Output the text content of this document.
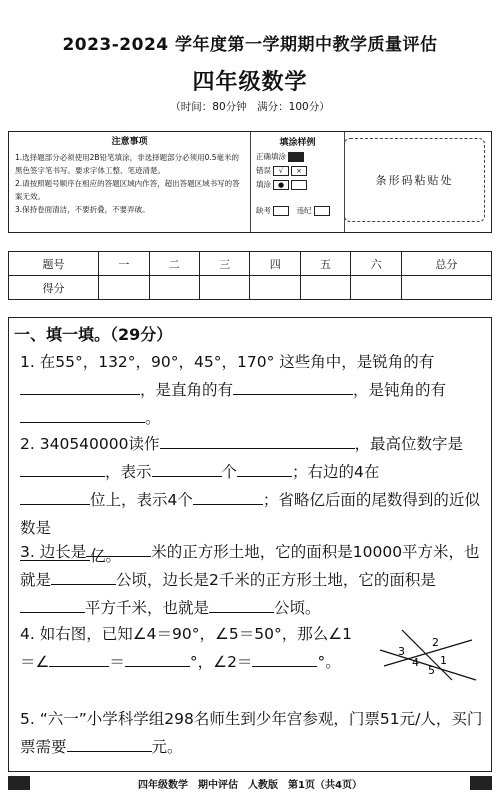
2023-2024 学年度第一学期期中教学质量评估
四年级数学
（时间：80分钟　满分：100分）
注意事项
1.选择题部分必须使用2B铅笔填涂，非选择题部分必须用0.5毫米的黑色签字笔书写。要求字体工整、笔迹清楚。
2.请按照题号顺序在相应的答题区域内作答，超出答题区域书写的答案无效。
3.保持卷面清洁，不要折叠，不要弄破。
填涂样例
正确填涂
错误 √ ×
填涂 ●
缺考　	违纪
条形码粘贴处
题号	一	二	三	四	五	六	总分
得分							
一、填一填。（29分）
1. 在55°，132°，90°，45°，170° 这些角中，是锐角的有
，是直角的有	，是钝角的有
。
2. 340540000读作	，最高位数字是
，表示	个	；右边的4在
位上，表示4个	；省略亿后面的尾数得到的近似数是
亿。
3. 边长是	米的正方形土地，它的面积是10000平方米，也就是	公顷，边长是2千米的正方形土地，它的面积是平方千米，也就是	公顷。
4. 如右图，已知∠4＝90°，∠5＝50°，那么∠1＝∠	＝	°，∠2＝	°。
2
3
1
4
5
5. “六一”小学科学组298名师生到少年宫参观，门票51元/人，买门票需要	元。
四年级数学　期中评估　人教版　第1页（共4页）
